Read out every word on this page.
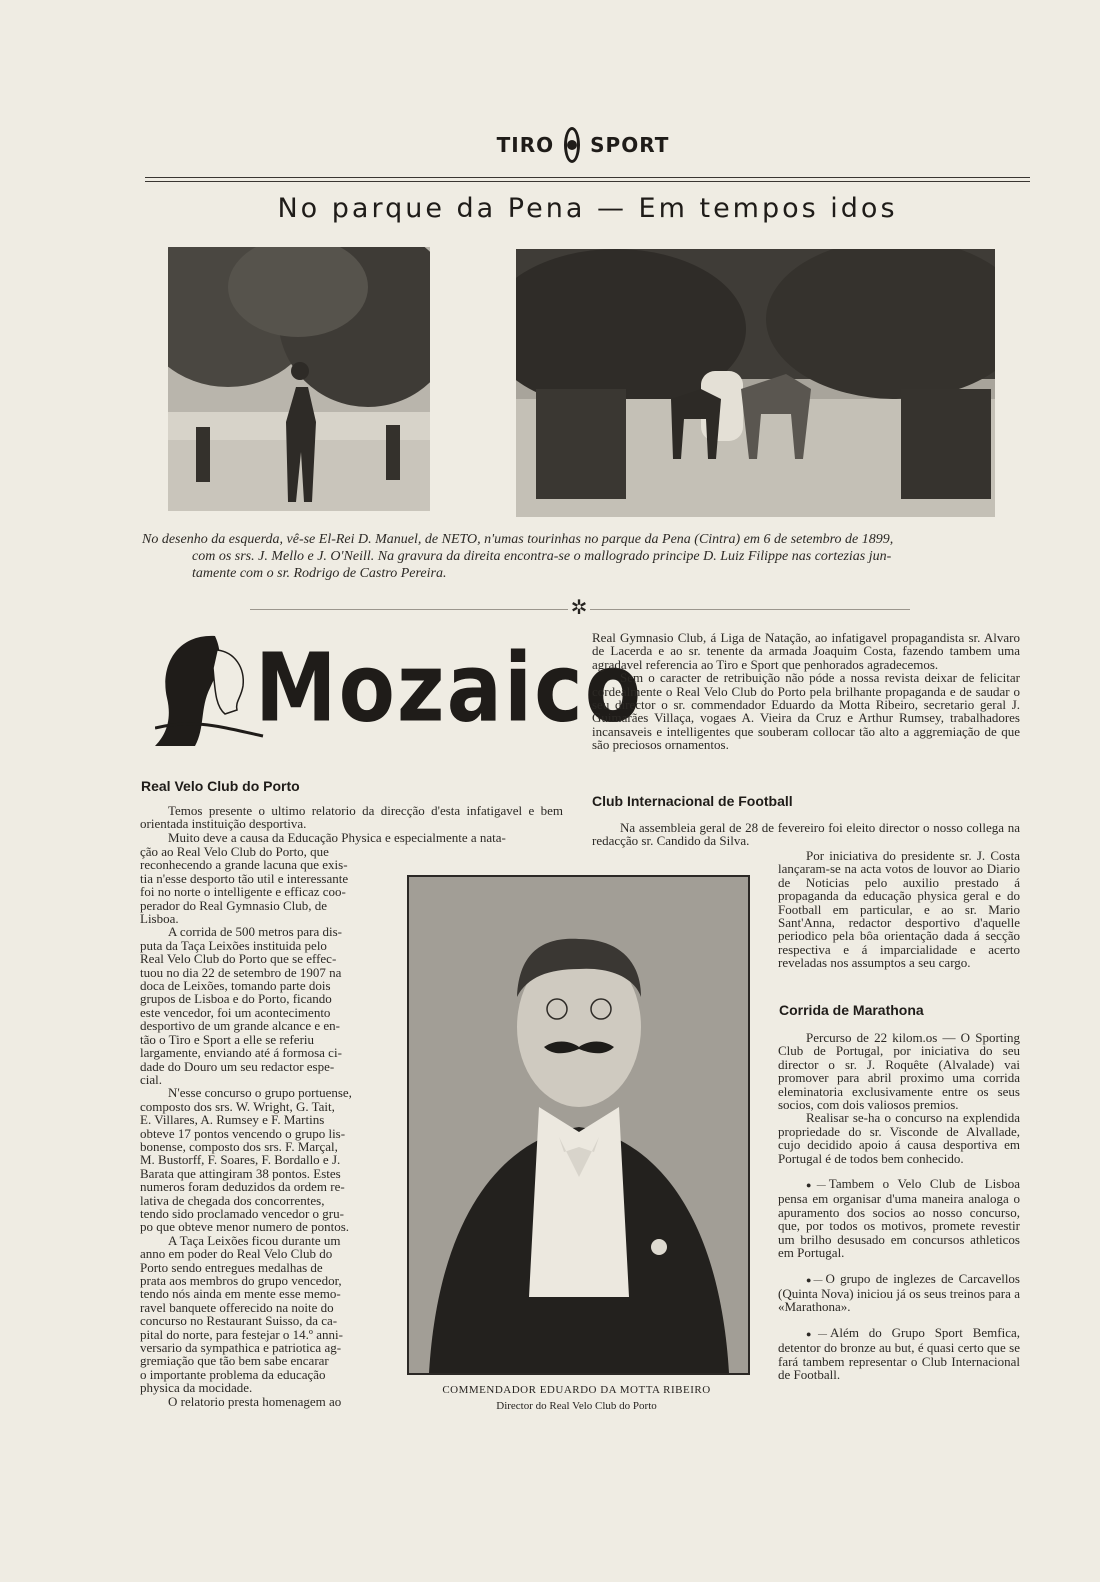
TIRO SPORT
No parque da Pena — Em tempos idos
No desenho da esquerda, vê-se El-Rei D. Manuel, de NETO, n'umas tourinhas no parque da Pena (Cintra) em 6 de setembro de 1899,
com os srs. J. Mello e J. O'Neill. Na gravura da direita encontra-se o mallogrado principe D. Luiz Filippe nas cortezias jun-
tamente com o sr. Rodrigo de Castro Pereira.
✲
Mozaico
Real Velo Club do Porto

Temos presente o ultimo relatorio da direcção d'esta infatigavel e bem orientada instituição desportiva.

Muito deve a causa da Educação Physica e especialmente a nata-

ção ao Real Velo Club do Porto, que
reconhecendo a grande lacuna que exis-
tia n'esse desporto tão util e interessante
foi no norte o intelligente e efficaz coo-
perador do Real Gymnasio Club, de
Lisboa.
A corrida de 500 metros para dis-
puta da Taça Leixões instituida pelo
Real Velo Club do Porto que se effec-
tuou no dia 22 de setembro de 1907 na
doca de Leixões, tomando parte dois
grupos de Lisboa e do Porto, ficando
este vencedor, foi um acontecimento
desportivo de um grande alcance e en-
tão o Tiro e Sport a elle se referiu
largamente, enviando até á formosa ci-
dade do Douro um seu redactor espe-
cial.
N'esse concurso o grupo portuense,
composto dos srs. W. Wright, G. Tait,
E. Villares, A. Rumsey e F. Martins
obteve 17 pontos vencendo o grupo lis-
bonense, composto dos srs. F. Marçal,
M. Bustorff, F. Soares, F. Bordallo e J.
Barata que attingiram 38 pontos. Estes
numeros foram deduzidos da ordem re-
lativa de chegada dos concorrentes,
tendo sido proclamado vencedor o gru-
po que obteve menor numero de pontos.
A Taça Leixões ficou durante um
anno em poder do Real Velo Club do
Porto sendo entregues medalhas de
prata aos membros do grupo vencedor,
tendo nós ainda em mente esse memo-
ravel banquete offerecido na noite do
concurso no Restaurant Suisso, da ca-
pital do norte, para festejar o 14.º anni-
versario da sympathica e patriotica ag-
gremiação que tão bem sabe encarar
o importante problema da educação
physica da mocidade.
O relatorio presta homenagem ao
COMMENDADOR EDUARDO DA MOTTA RIBEIRO
Director do Real Velo Club do Porto

Real Gymnasio Club, á Liga de Natação, ao infatigavel propagandista sr. Alvaro de Lacerda e ao sr. tenente da armada Joaquim Costa, fazendo tambem uma agradavel referencia ao Tiro e Sport que penhorados agradecemos.

Sem o caracter de retribuição não póde a nossa revista deixar de felicitar cordealmente o Real Velo Club do Porto pela brilhante propaganda e de saudar o seu director o sr. commendador Eduardo da Motta Ribeiro, secretario geral J. Guimarães Villaça, vogaes A. Vieira da Cruz e Arthur Rumsey, trabalhadores incansaveis e intelligentes que souberam collocar tão alto a aggremiação de que são preciosos ornamentos.

Club Internacional de Football

Na assembleia geral de 28 de fevereiro foi eleito director o nosso collega na redacção sr. Candido da Silva.

Por iniciativa do presidente sr. J. Costa lançaram-se na acta votos de louvor ao Diario de Noticias pelo auxilio prestado á propaganda da educação physica geral e do Football em particular, e ao sr. Mario Sant'Anna, redactor desportivo d'aquelle periodico pela bôa orientação dada á secção respectiva e á imparcialidade e acerto reveladas nos assumptos a seu cargo.

Corrida de Marathona

Percurso de 22 kilom.os — O Sporting Club de Portugal, por iniciativa do seu director o sr. J. Roquête (Alvalade) vai promover para abril proximo uma corrida eleminatoria exclusivamente entre os seus socios, com dois valiosos premios.

Realisar se-ha o concurso na explendida propriedade do sr. Visconde de Alvallade, cujo decidido apoio á causa desportiva em Portugal é de todos bem conhecido.

●— Tambem o Velo Club de Lisboa pensa em organisar d'uma maneira analoga o apuramento dos socios ao nosso concurso, que, por todos os motivos, promete revestir um brilho desusado em concursos athleticos em Portugal.

●— O grupo de inglezes de Carcavellos (Quinta Nova) iniciou já os seus treinos para a «Marathona».

●— Além do Grupo Sport Bemfica, detentor do bronze au but, é quasi certo que se fará tambem representar o Club Internacional de Football.
